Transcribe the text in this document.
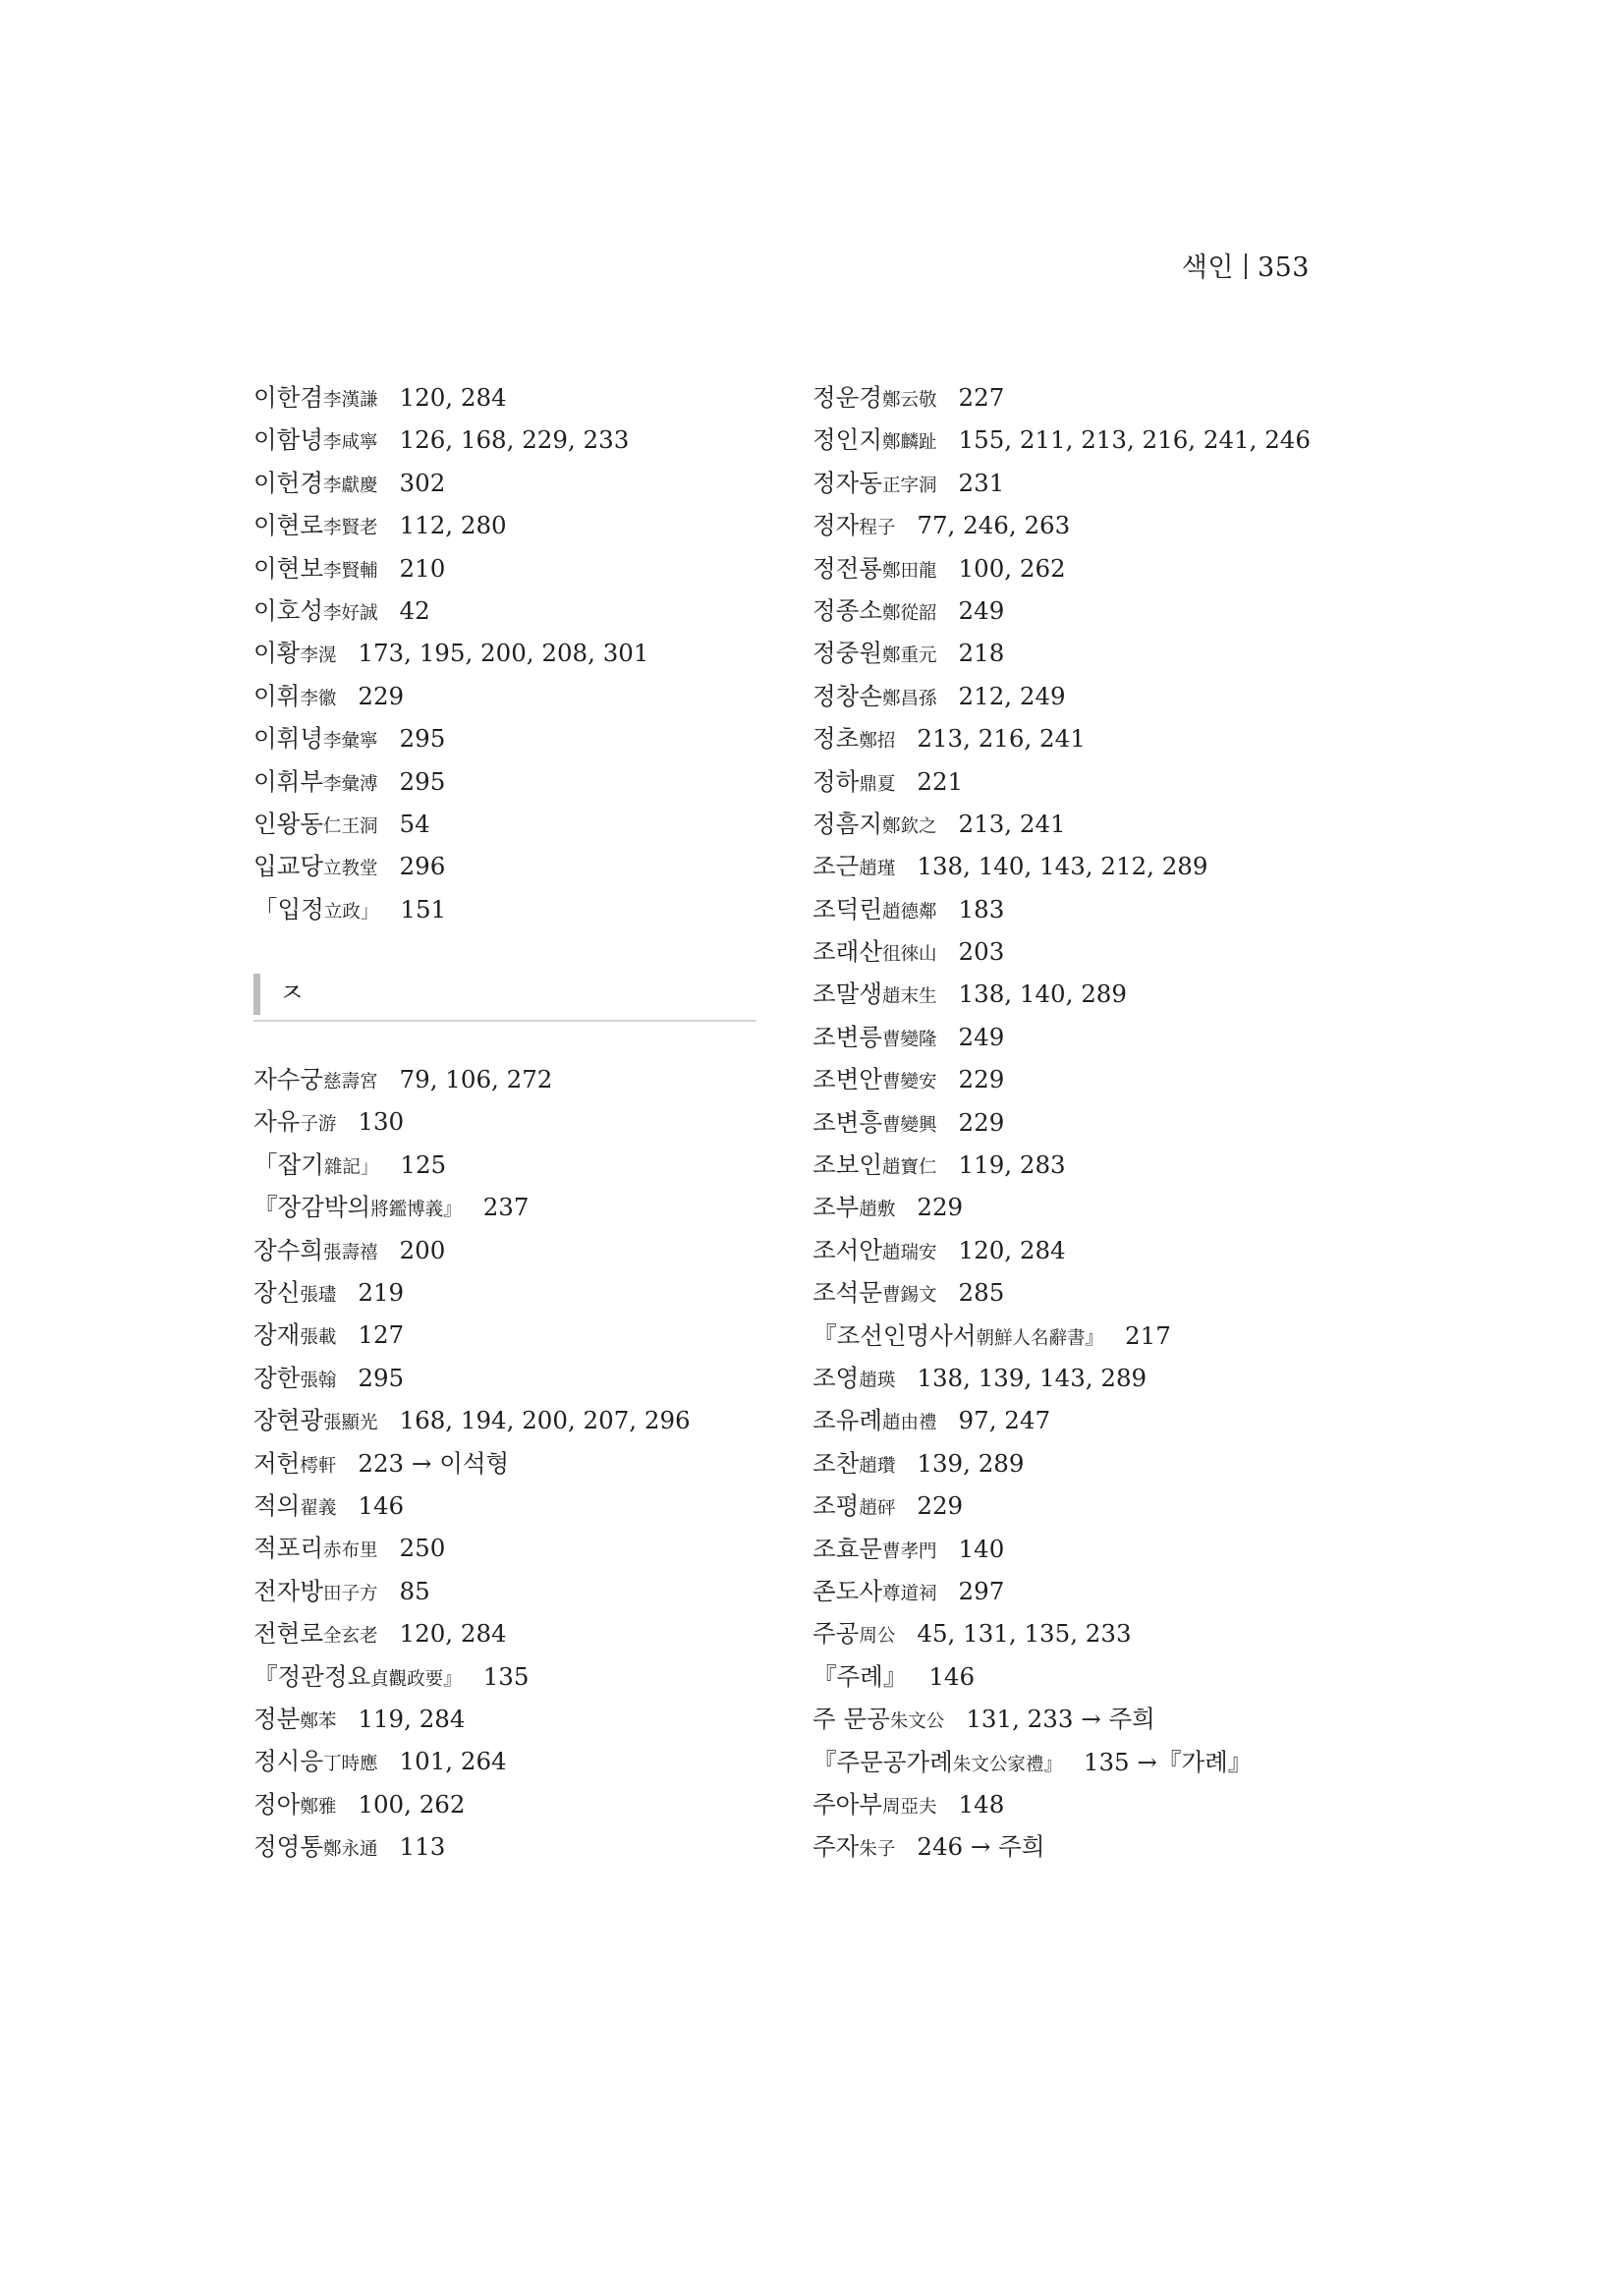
색인 353
이한겸李漢謙 120, 284
이함녕李咸寧 126, 168, 229, 233
이헌경李獻慶 302
이현로李賢老 112, 280
이현보李賢輔 210
이호성李好誠 42
이황李滉 173, 195, 200, 208, 301
이휘李徽 229
이휘녕李彙寧 295
이휘부李彙溥 295
인왕동仁王洞 54
입교당立教堂 296
「입정立政」 151
ㅈ
자수궁慈壽宮 79, 106, 272
자유子游 130
「잡기雜記」 125
『장감박의將鑑博義』 237
장수희張壽禧 200
장신張璶 219
장재張載 127
장한張翰 295
장현광張顯光 168, 194, 200, 207, 296
저헌樗軒 223 → 이석형
적의翟義 146
적포리赤布里 250
전자방田子方 85
전현로全玄老 120, 284
『정관정요貞觀政要』 135
정분鄭苯 119, 284
정시응丁時應 101, 264
정아鄭雅 100, 262
정영통鄭永通 113
정운경鄭云敬 227
정인지鄭麟趾 155, 211, 213, 216, 241, 246
정자동正字洞 231
정자程子 77, 246, 263
정전룡鄭田龍 100, 262
정종소鄭從韶 249
정중원鄭重元 218
정창손鄭昌孫 212, 249
정초鄭招 213, 216, 241
정하鼎夏 221
정흠지鄭欽之 213, 241
조근趙瑾 138, 140, 143, 212, 289
조덕린趙德鄰 183
조래산徂徠山 203
조말생趙末生 138, 140, 289
조변릉曹變隆 249
조변안曹變安 229
조변흥曹變興 229
조보인趙寶仁 119, 283
조부趙敷 229
조서안趙瑞安 120, 284
조석문曹錫文 285
『조선인명사서朝鮮人名辭書』 217
조영趙瑛 138, 139, 143, 289
조유례趙由禮 97, 247
조찬趙瓚 139, 289
조평趙砰 229
조효문曹孝門 140
존도사尊道祠 297
주공周公 45, 131, 135, 233
『주례』 146
주 문공朱文公 131, 233 → 주희
『주문공가례朱文公家禮』 135 →『가례』
주아부周亞夫 148
주자朱子 246 → 주희
